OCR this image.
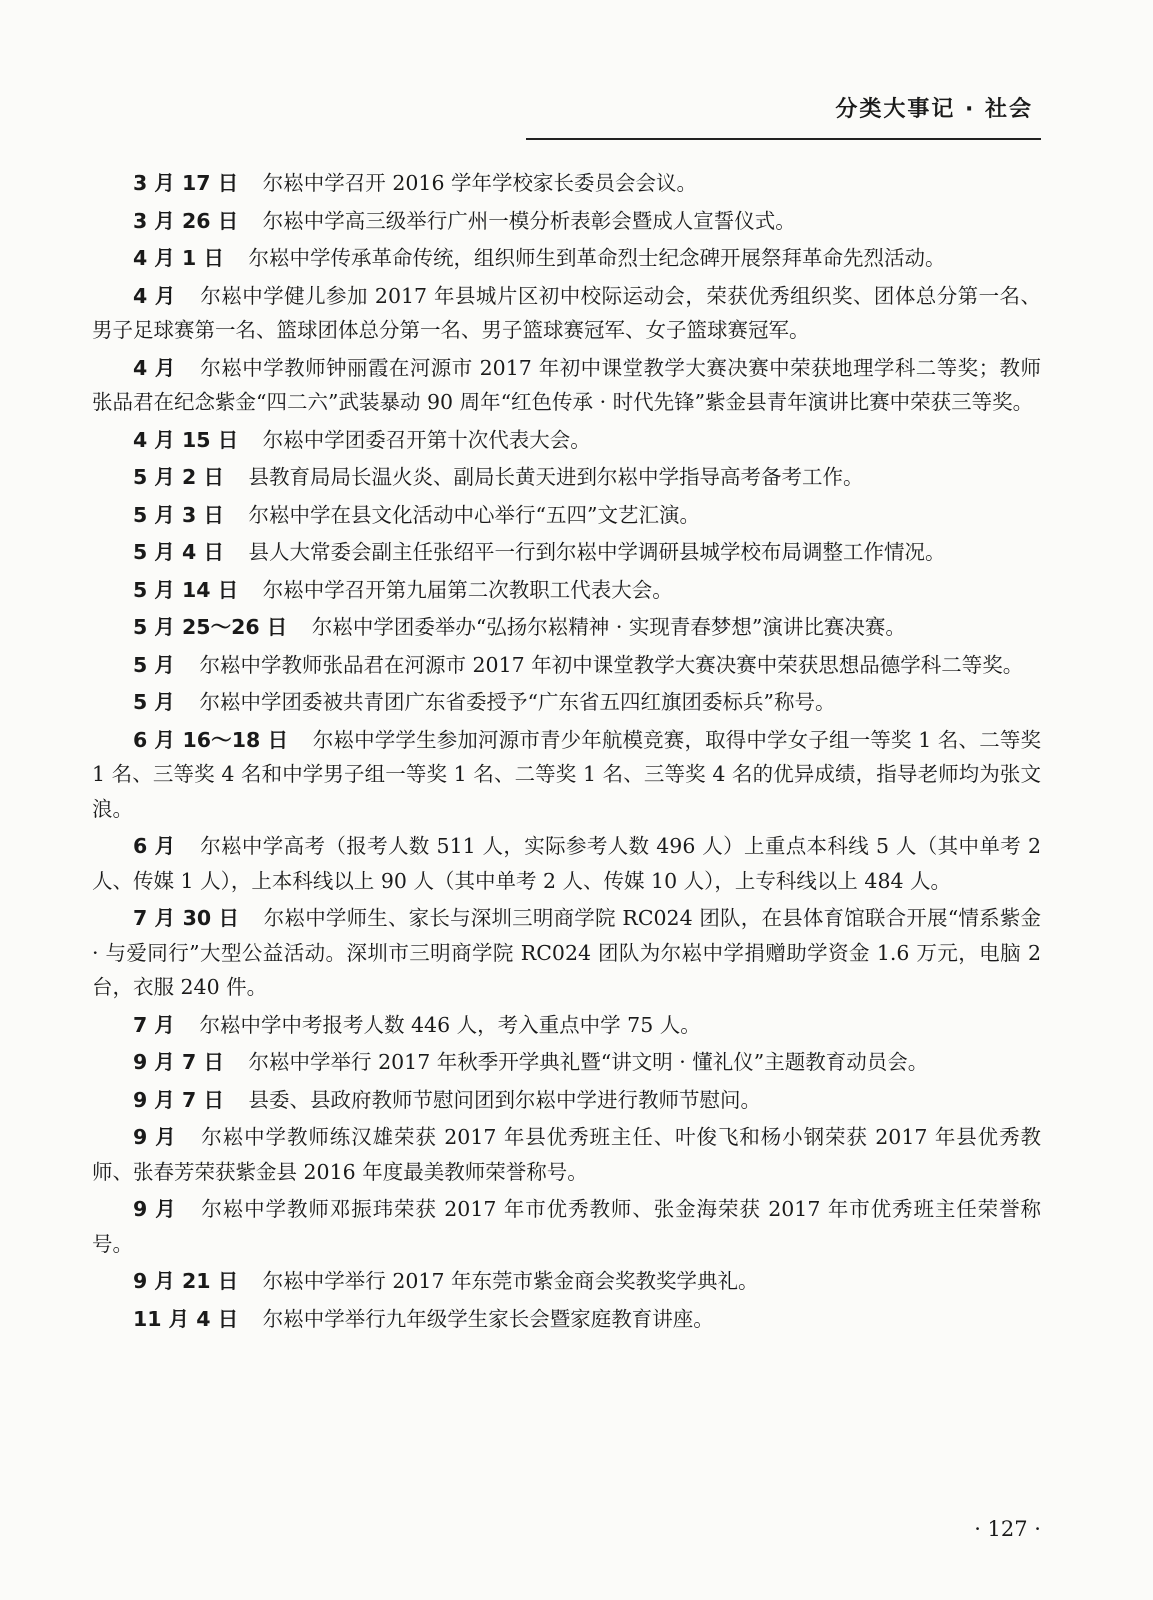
分类大事记 · 社会

3 月 17 日 尔崧中学召开 2016 学年学校家长委员会会议。

3 月 26 日 尔崧中学高三级举行广州一模分析表彰会暨成人宣誓仪式。

4 月 1 日 尔崧中学传承革命传统，组织师生到革命烈士纪念碑开展祭拜革命先烈活动。

4 月 尔崧中学健儿参加 2017 年县城片区初中校际运动会，荣获优秀组织奖、团体总分第一名、男子足球赛第一名、篮球团体总分第一名、男子篮球赛冠军、女子篮球赛冠军。

4 月 尔崧中学教师钟丽霞在河源市 2017 年初中课堂教学大赛决赛中荣获地理学科二等奖；教师张品君在纪念紫金“四二六”武装暴动 90 周年“红色传承 · 时代先锋”紫金县青年演讲比赛中荣获三等奖。

4 月 15 日 尔崧中学团委召开第十次代表大会。

5 月 2 日 县教育局局长温火炎、副局长黄天进到尔崧中学指导高考备考工作。

5 月 3 日 尔崧中学在县文化活动中心举行“五四”文艺汇演。

5 月 4 日 县人大常委会副主任张绍平一行到尔崧中学调研县城学校布局调整工作情况。

5 月 14 日 尔崧中学召开第九届第二次教职工代表大会。

5 月 25～26 日 尔崧中学团委举办“弘扬尔崧精神 · 实现青春梦想”演讲比赛决赛。

5 月 尔崧中学教师张品君在河源市 2017 年初中课堂教学大赛决赛中荣获思想品德学科二等奖。

5 月 尔崧中学团委被共青团广东省委授予“广东省五四红旗团委标兵”称号。

6 月 16～18 日 尔崧中学学生参加河源市青少年航模竞赛，取得中学女子组一等奖 1 名、二等奖 1 名、三等奖 4 名和中学男子组一等奖 1 名、二等奖 1 名、三等奖 4 名的优异成绩，指导老师均为张文浪。

6 月 尔崧中学高考（报考人数 511 人，实际参考人数 496 人）上重点本科线 5 人（其中单考 2 人、传媒 1 人），上本科线以上 90 人（其中单考 2 人、传媒 10 人），上专科线以上 484 人。

7 月 30 日 尔崧中学师生、家长与深圳三明商学院 RC024 团队，在县体育馆联合开展“情系紫金 · 与爱同行”大型公益活动。深圳市三明商学院 RC024 团队为尔崧中学捐赠助学资金 1.6 万元，电脑 2 台，衣服 240 件。

7 月 尔崧中学中考报考人数 446 人，考入重点中学 75 人。

9 月 7 日 尔崧中学举行 2017 年秋季开学典礼暨“讲文明 · 懂礼仪”主题教育动员会。

9 月 7 日 县委、县政府教师节慰问团到尔崧中学进行教师节慰问。

9 月 尔崧中学教师练汉雄荣获 2017 年县优秀班主任、叶俊飞和杨小钢荣获 2017 年县优秀教师、张春芳荣获紫金县 2016 年度最美教师荣誉称号。

9 月 尔崧中学教师邓振玮荣获 2017 年市优秀教师、张金海荣获 2017 年市优秀班主任荣誉称号。

9 月 21 日 尔崧中学举行 2017 年东莞市紫金商会奖教奖学典礼。

11 月 4 日 尔崧中学举行九年级学生家长会暨家庭教育讲座。

· 127 ·
